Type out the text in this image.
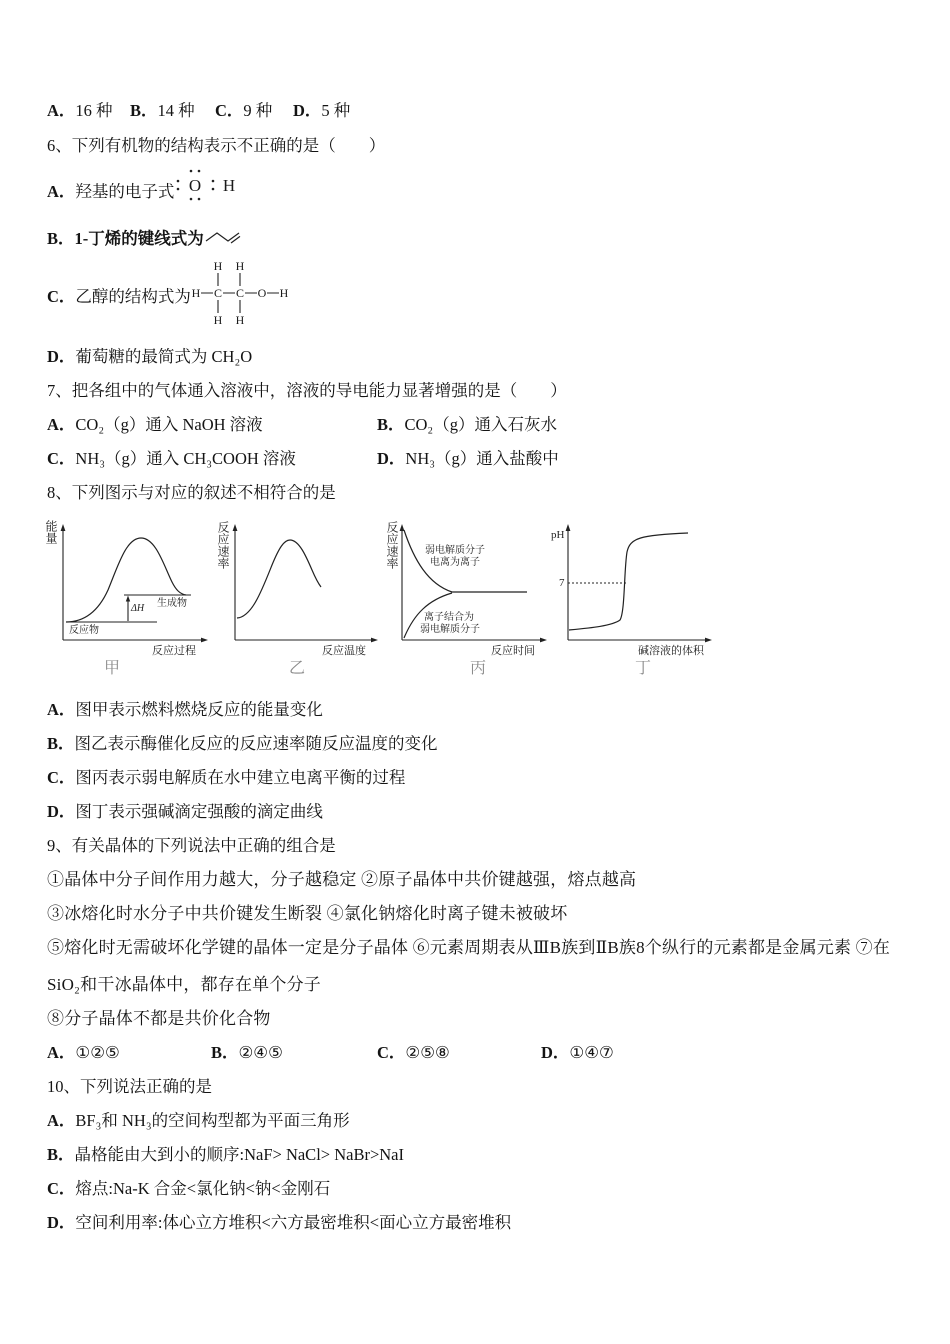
A．16 种 B．14 种 C．9 种 D．5 种
6、下列有机物的结构表示不正确的是（　　）
A．羟基的电子式 O H
B．1-丁烯的键线式为
C．乙醇的结构式为
H H
H C C O H
H H
D．葡萄糖的最简式为 CH₂O
7、把各组中的气体通入溶液中，溶液的导电能力显著增强的是（　　）
A．CO₂（g）通入 NaOH 溶液	B．CO₂（g）通入石灰水
C．NH₃（g）通入 CH₃COOH 溶液	D．NH₃（g）通入盐酸中
8、下列图示与对应的叙述不相符合的是
能量
反应物
生成物
ΔH
反应过程
甲
反应速率
反应温度
乙
反应速率	弱电解质分子
电离为离子
离子结合为
弱电解质分子
反应时间
丙
pH
7
碱溶液的体积
丁
A．图甲表示燃料燃烧反应的能量变化
B．图乙表示酶催化反应的反应速率随反应温度的变化
C．图丙表示弱电解质在水中建立电离平衡的过程
D．图丁表示强碱滴定强酸的滴定曲线
9、有关晶体的下列说法中正确的组合是
①晶体中分子间作用力越大，分子越稳定 ②原子晶体中共价键越强，熔点越高
③冰熔化时水分子中共价键发生断裂 ④氯化钠熔化时离子键未被破坏
⑤熔化时无需破坏化学键的晶体一定是分子晶体 ⑥元素周期表从ⅢB族到ⅡB族8个纵行的元素都是金属元素 ⑦在
SiO₂和干冰晶体中，都存在单个分子
⑧分子晶体不都是共价化合物
A．①②⑤	B．②④⑤	C．②⑤⑧	D．①④⑦
10、下列说法正确的是
A．BF₃和 NH₃的空间构型都为平面三角形
B．晶格能由大到小的顺序:NaF> NaCl> NaBr>NaI
C．熔点:Na-K 合金<氯化钠<钠<金刚石
D．空间利用率:体心立方堆积<六方最密堆积<面心立方最密堆积
